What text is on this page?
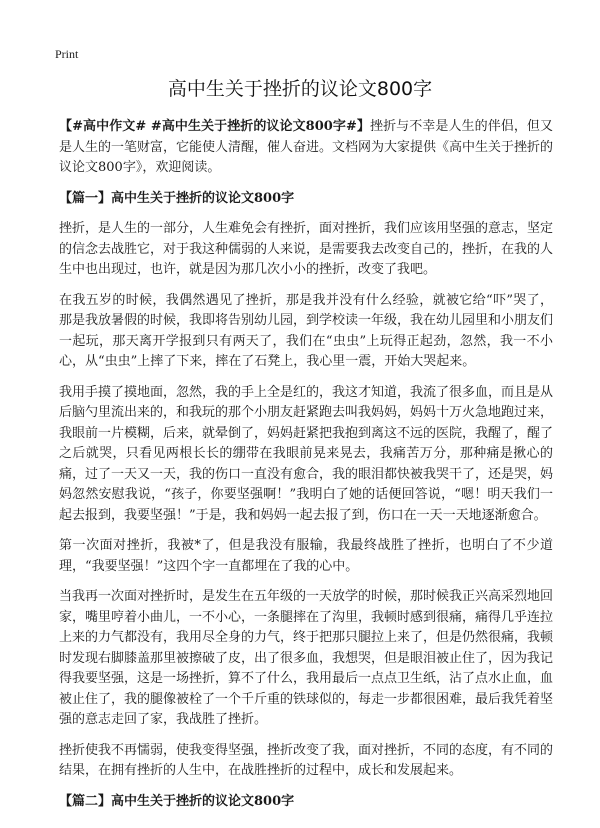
Print
高中生关于挫折的议论文800字

【#高中作文# #高中生关于挫折的议论文800字#】挫折与不幸是人生的伴侣，但又是人生的一笔财富，它能使人清醒，催人奋进。文档网为大家提供《高中生关于挫折的议论文800字》，欢迎阅读。

【篇一】高中生关于挫折的议论文800字

挫折，是人生的一部分，人生难免会有挫折，面对挫折，我们应该用坚强的意志，坚定的信念去战胜它，对于我这种儒弱的人来说，是需要我去改变自己的，挫折，在我的人生中也出现过，也许，就是因为那几次小小的挫折，改变了我吧。

在我五岁的时候，我偶然遇见了挫折，那是我并没有什么经验，就被它给“吓”哭了，那是我放暑假的时候，我即将告别幼儿园，到学校读一年级，我在幼儿园里和小朋友们一起玩，那天离开学报到只有两天了，我们在“虫虫”上玩得正起劲，忽然，我一不小心，从“虫虫”上摔了下来，摔在了石凳上，我心里一震，开始大哭起来。

我用手摸了摸地面，忽然，我的手上全是红的，我这才知道，我流了很多血，而且是从后脑勺里流出来的，和我玩的那个小朋友赶紧跑去叫我妈妈，妈妈十万火急地跑过来，我眼前一片模糊，后来，就晕倒了，妈妈赶紧把我抱到离这不远的医院，我醒了，醒了之后就哭，只看见两根长长的绷带在我眼前晃来晃去，我痛苦万分，那种痛是揪心的痛，过了一天又一天，我的伤口一直没有愈合，我的眼泪都快被我哭干了，还是哭，妈妈忽然安慰我说，“孩子，你要坚强啊！”我明白了她的话便回答说，“嗯！明天我们一起去报到，我要坚强！”于是，我和妈妈一起去报了到，伤口在一天一天地逐渐愈合。

第一次面对挫折，我被*了，但是我没有服输，我最终战胜了挫折，也明白了不少道理，“我要坚强！”这四个字一直都埋在了我的心中。

当我再一次面对挫折时，是发生在五年级的一天放学的时候，那时候我正兴高采烈地回家，嘴里哼着小曲儿，一不小心，一条腿摔在了沟里，我顿时感到很痛，痛得几乎连拉上来的力气都没有，我用尽全身的力气，终于把那只腿拉上来了，但是仍然很痛，我顿时发现右脚膝盖那里被擦破了皮，出了很多血，我想哭，但是眼泪被止住了，因为我记得我要坚强，这是一场挫折，算不了什么，我用最后一点点卫生纸，沾了点水止血，血被止住了，我的腿像被栓了一个千斤重的铁球似的，每走一步都很困难，最后我凭着坚强的意志走回了家，我战胜了挫折。

挫折使我不再懦弱，使我变得坚强，挫折改变了我，面对挫折，不同的态度，有不同的结果，在拥有挫折的人生中，在战胜挫折的过程中，成长和发展起来。

【篇二】高中生关于挫折的议论文800字
